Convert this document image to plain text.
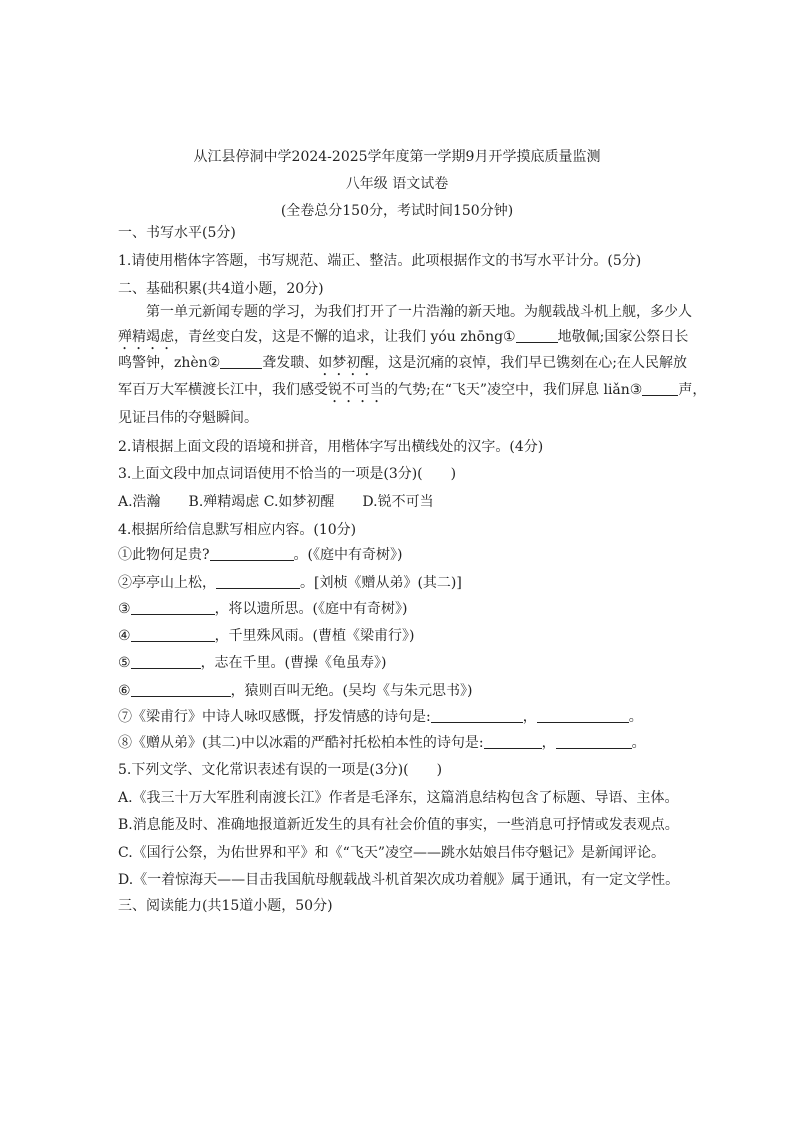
从江县停洞中学2024-2025学年度第一学期9月开学摸底质量监测
八年级 语文试卷
(全卷总分150分，考试时间150分钟)
一、书写水平(5分)
1.请使用楷体字答题，书写规范、端正、整洁。此项根据作文的书写水平计分。(5分)
二、基础积累(共4道小题，20分)
第一单元新闻专题的学习，为我们打开了一片浩瀚的新天地。为舰载战斗机上舰，多少人
殚精竭虑，青丝变白发，这是不懈的追求，让我们 yóu zhōng①	地敬佩;国家公祭日长
鸣警钟，zhèn②	聋发聩、如梦初醒，这是沉痛的哀悼，我们早已镌刻在心;在人民解放
军百万大军横渡长江中，我们感受锐不可当的气势;在“飞天”凌空中，我们屏息 liǎn③	声，
见证吕伟的夺魁瞬间。
2.请根据上面文段的语境和拼音，用楷体字写出横线处的汉字。(4分)
3.上面文段中加点词语使用不恰当的一项是(3分)(　　)
A.浩瀚　　B.殚精竭虑 C.如梦初醒　　D.锐不可当
4.根据所给信息默写相应内容。(10分)
①此物何足贵?	。(《庭中有奇树》)
②亭亭山上松，	。[刘桢《赠从弟》(其二)]
③	，将以遗所思。(《庭中有奇树》)
④	，千里殊风雨。(曹植《梁甫行》)
⑤	，志在千里。(曹操《龟虽寿》)
⑥	，猿则百叫无绝。(吴均《与朱元思书》)
⑦《梁甫行》中诗人咏叹感慨，抒发情感的诗句是:	，	。
⑧《赠从弟》(其二)中以冰霜的严酷衬托松柏本性的诗句是:	，	。
5.下列文学、文化常识表述有误的一项是(3分)(　　)
A.《我三十万大军胜利南渡长江》作者是毛泽东，这篇消息结构包含了标题、导语、主体。
B.消息能及时、准确地报道新近发生的具有社会价值的事实，一些消息可抒情或发表观点。
C.《国行公祭，为佑世界和平》和《“飞天”凌空——跳水姑娘吕伟夺魁记》是新闻评论。
D.《一着惊海天——目击我国航母舰载战斗机首架次成功着舰》属于通讯，有一定文学性。
三、阅读能力(共15道小题，50分)
